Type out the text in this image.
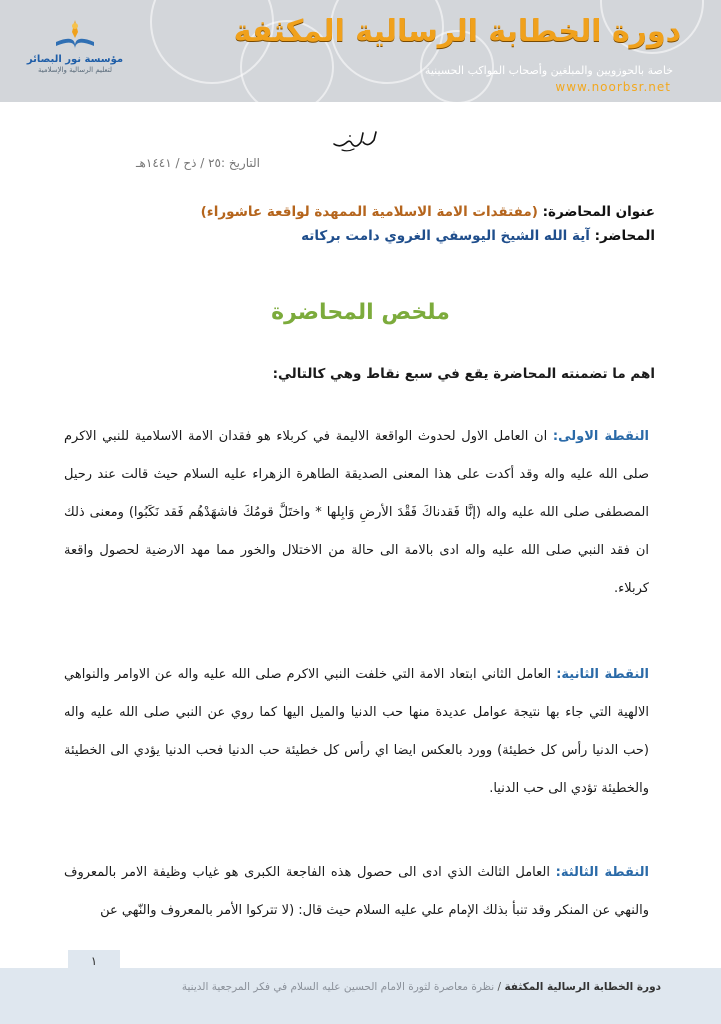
مؤسسة نور البصائر
لتعليم الرسالية والإسلامية
دورة الخطابة الرسالية المكثفة
خاصة بالحوزويين والمبلغين وأصحاب المواكب الحسينية
www.noorbsr.net
التاريخ :٢٥ / ذح / ١٤٤١هـ
عنوان المحاضرة: (مفتقدات الامة الاسلامية الممهدة لواقعة عاشوراء)
المحاضر: آية الله الشيخ اليوسفي الغروي دامت بركاته
ملخص المحاضرة
اهم ما تضمنته المحاضرة يقع في سبع نقاط وهي كالتالي:
النقطة الاولى: ان العامل الاول لحدوث الواقعة الاليمة في كربلاء هو فقدان الامة الاسلامية للنبي الاكرم صلى الله عليه واله وقد أكدت على هذا المعنى الصديقة الطاهرة الزهراء عليه السلام حيث قالت عند رحيل المصطفى صلى الله عليه واله (إنَّا فَقدناكَ فَقْدَ الأرضِ وَابِلها * واختَلَّ قومُكَ فاشهَدْهُم فَقد نَكَبُوا) ومعنى ذلك ان فقد النبي صلى الله عليه واله ادى بالامة الى حالة من الاختلال والخور مما مهد الارضية لحصول واقعة كربلاء.
النقطة الثانية: العامل الثاني ابتعاد الامة التي خلفت النبي الاكرم صلى الله عليه واله عن الاوامر والنواهي الالهية التي جاء بها نتيجة عوامل عديدة منها حب الدنيا والميل اليها كما روي عن النبي صلى الله عليه واله (حب الدنيا رأس كل خطيئة) وورد بالعكس ايضا اي رأس كل خطيئة حب الدنيا فحب الدنيا يؤدي الى الخطيئة والخطيئة تؤدي الى حب الدنيا.
النقطة الثالثة: العامل الثالث الذي ادى الى حصول هذه الفاجعة الكبرى هو غياب وظيفة الامر بالمعروف والنهي عن المنكر وقد تنبأ بذلك الإمام علي عليه السلام حيث قال: (لا تتركوا الأمر بالمعروف والنّهي عن
١
دورة الخطابة الرسالية المكثفة / نظرة معاصرة لثورة الامام الحسين عليه السلام في فكر المرجعية الدينية
